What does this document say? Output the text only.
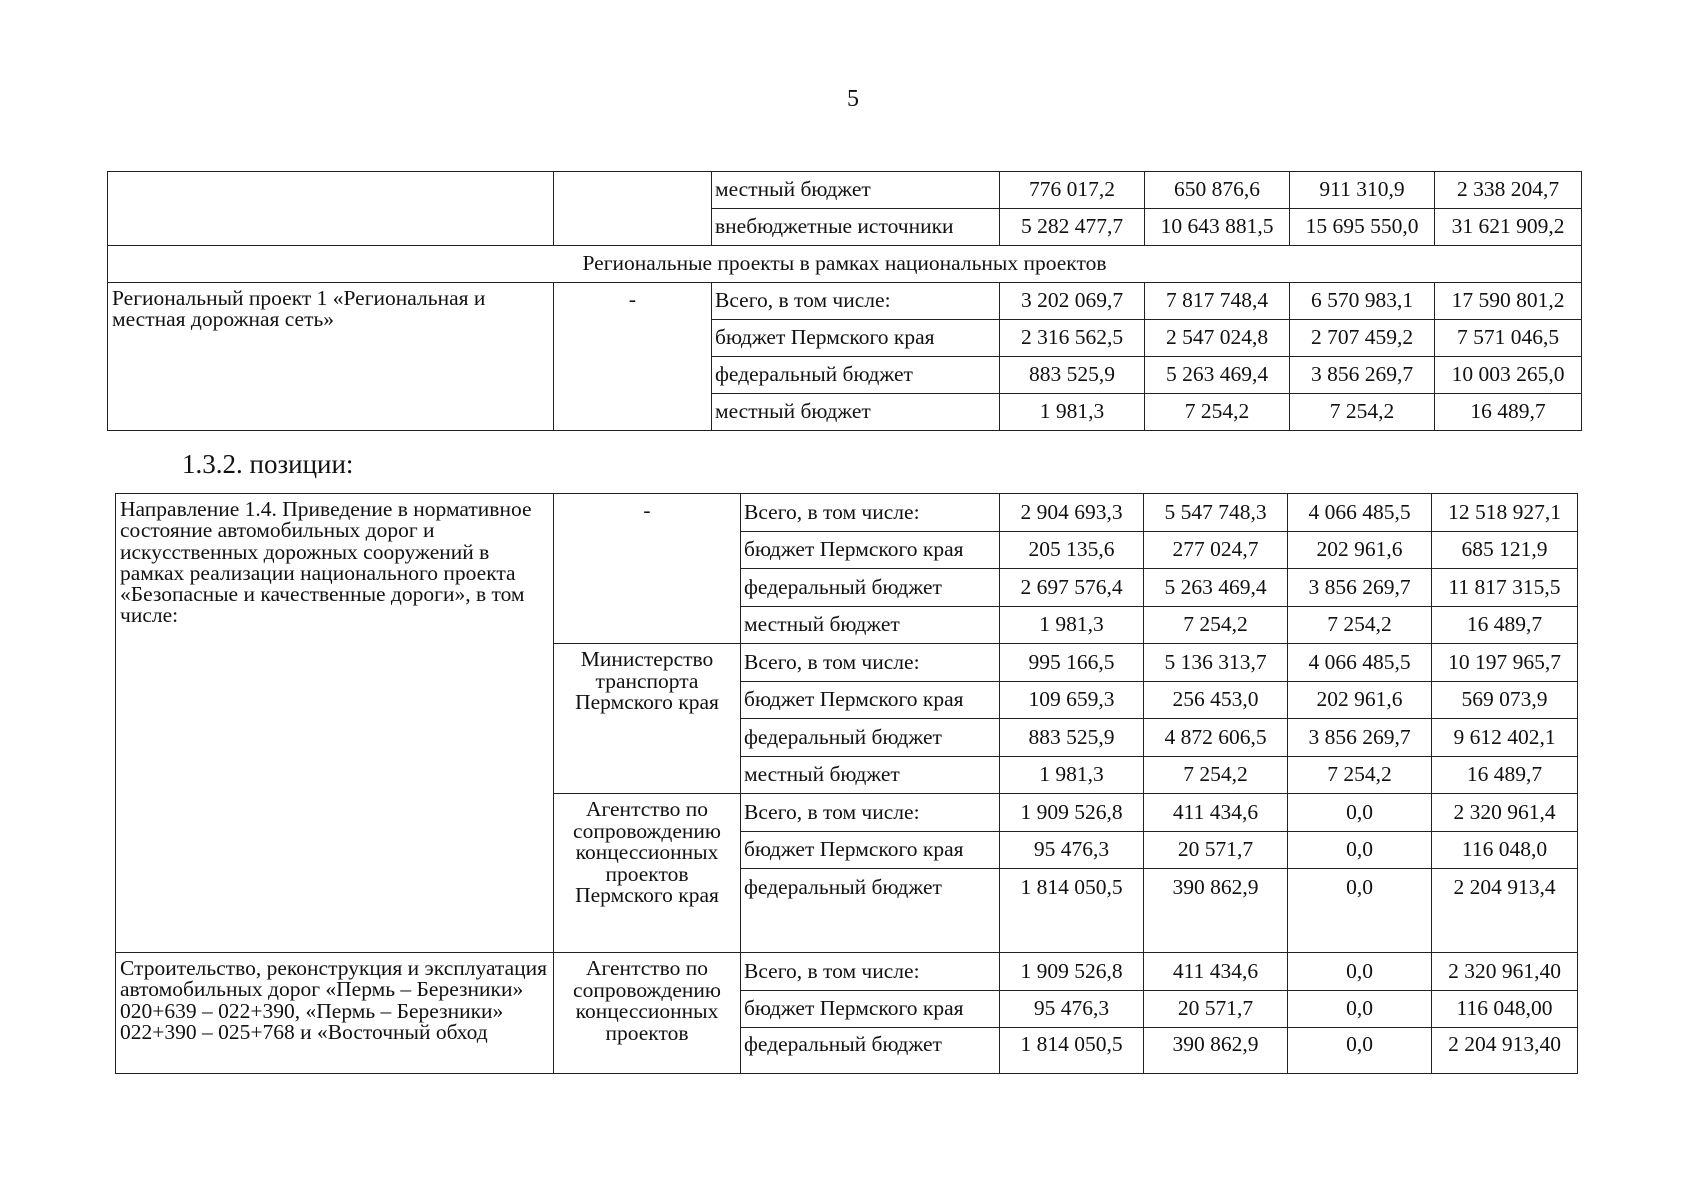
5
		местный бюджет	776 017,2	650 876,6	911 310,9	2 338 204,7
		внебюджетные источники	5 282 477,7	10 643 881,5	15 695 550,0	31 621 909,2
Региональные проекты в рамках национальных проектов						
Региональный проект 1 «Региональная и местная дорожная сеть»	-	Всего, в том числе:	3 202 069,7	7 817 748,4	6 570 983,1	17 590 801,2
		бюджет Пермского края	2 316 562,5	2 547 024,8	2 707 459,2	7 571 046,5
		федеральный бюджет	883 525,9	5 263 469,4	3 856 269,7	10 003 265,0
		местный бюджет	1 981,3	7 254,2	7 254,2	16 489,7
1.3.2. позиции:
Направление 1.4. Приведение в нормативное состояние автомобильных дорог и искусственных дорожных сооружений в рамках реализации национального проекта «Безопасные и качественные дороги», в том числе:	-	Всего, в том числе:	2 904 693,3	5 547 748,3	4 066 485,5	12 518 927,1
		бюджет Пермского края	205 135,6	277 024,7	202 961,6	685 121,9
		федеральный бюджет	2 697 576,4	5 263 469,4	3 856 269,7	11 817 315,5
		местный бюджет	1 981,3	7 254,2	7 254,2	16 489,7
	Министерство транспорта Пермского края	Всего, в том числе:	995 166,5	5 136 313,7	4 066 485,5	10 197 965,7
		бюджет Пермского края	109 659,3	256 453,0	202 961,6	569 073,9
		федеральный бюджет	883 525,9	4 872 606,5	3 856 269,7	9 612 402,1
		местный бюджет	1 981,3	7 254,2	7 254,2	16 489,7
	Агентство по сопровождению концессионных проектов Пермского края	Всего, в том числе:	1 909 526,8	411 434,6	0,0	2 320 961,4
		бюджет Пермского края	95 476,3	20 571,7	0,0	116 048,0
		федеральный бюджет	1 814 050,5	390 862,9	0,0	2 204 913,4
Строительство, реконструкция и эксплуатация автомобильных дорог «Пермь – Березники» 020+639 – 022+390, «Пермь – Березники» 022+390 – 025+768 и «Восточный обход	Агентство по сопровождению концессионных проектов	Всего, в том числе:	1 909 526,8	411 434,6	0,0	2 320 961,40
		бюджет Пермского края	95 476,3	20 571,7	0,0	116 048,00
		федеральный бюджет	1 814 050,5	390 862,9	0,0	2 204 913,40
